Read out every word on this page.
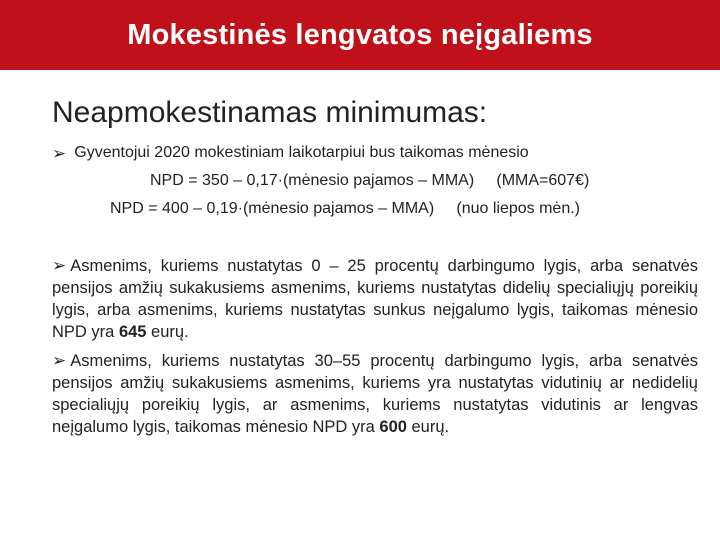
Mokestinės lengvatos neįgaliems
Neapmokestinamas minimumas:
➢ Gyventojui 2020 mokestiniam laikotarpiui bus taikomas mėnesio
NPD = 350 – 0,17·(mėnesio pajamos – MMA)     (MMA=607€)
NPD = 400 – 0,19·(mėnesio pajamos – MMA)     (nuo liepos mėn.)

➢ Asmenims, kuriems nustatytas 0 – 25 procentų darbingumo lygis, arba senatvės pensijos amžių sukakusiems asmenims, kuriems nustatytas didelių specialiųjų poreikių lygis, arba asmenims, kuriems nustatytas sunkus neįgalumo lygis, taikomas mėnesio NPD yra 645 eurų.

➢ Asmenims, kuriems nustatytas 30–55 procentų darbingumo lygis, arba senatvės pensijos amžių sukakusiems asmenims, kuriems yra nustatytas vidutinių ar nedidelių specialiųjų poreikių lygis, ar asmenims, kuriems nustatytas vidutinis ar lengvas neįgalumo lygis, taikomas mėnesio NPD yra 600 eurų.
